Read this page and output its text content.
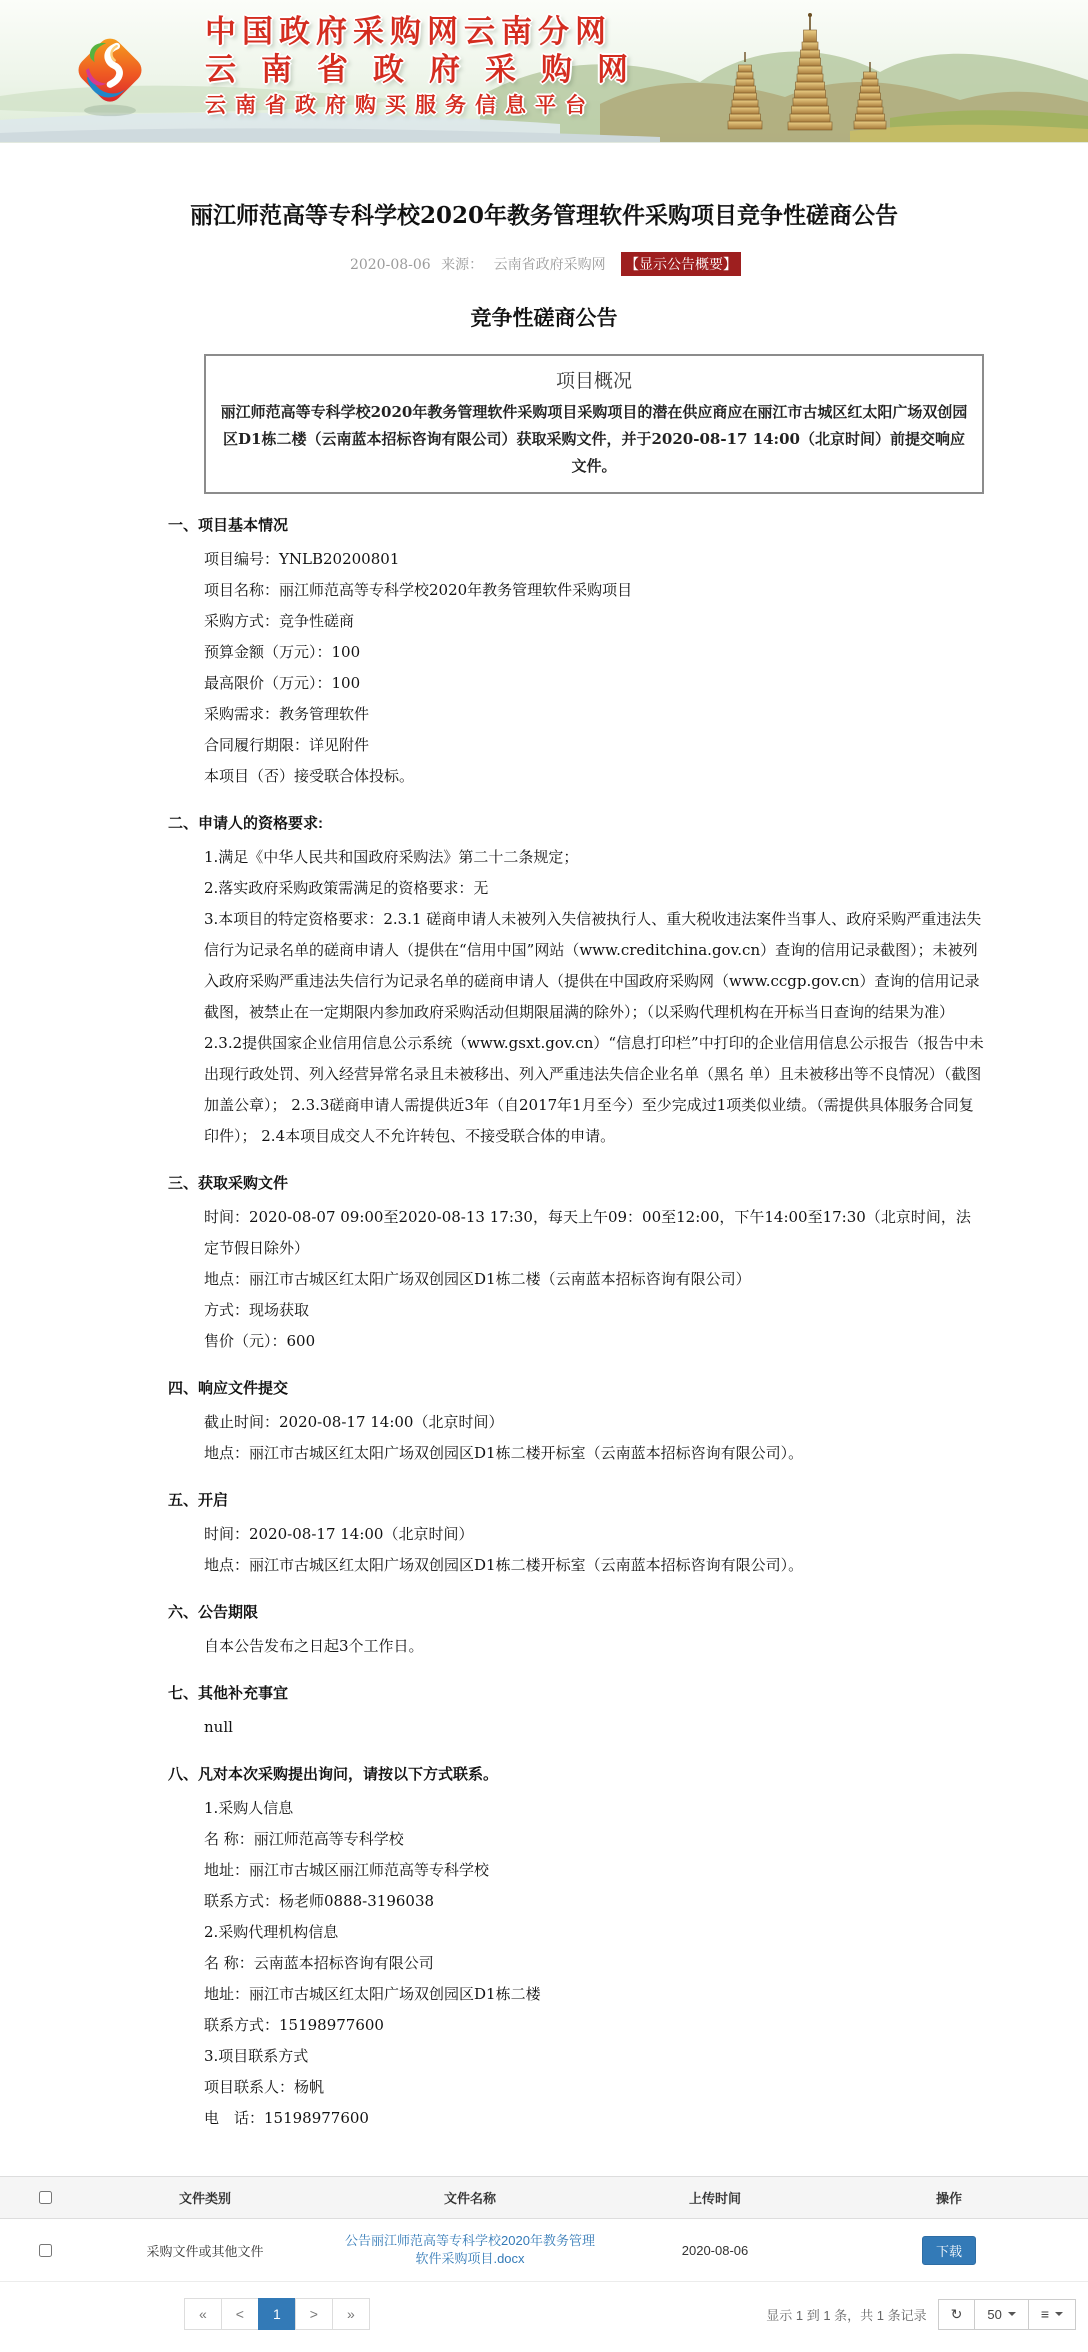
中国政府采购网云南分网
云南省政府采购网
云南省政府购买服务信息平台
丽江师范高等专科学校2020年教务管理软件采购项目竞争性磋商公告
2020-08-06 来源： 云南省政府采购网 【显示公告概要】
竞争性磋商公告
项目概况

丽江师范高等专科学校2020年教务管理软件采购项目采购项目的潜在供应商应在丽江市古城区红太阳广场双创园区D1栋二楼（云南蓝本招标咨询有限公司）获取采购文件，并于2020-08-17 14:00（北京时间）前提交响应文件。

一、项目基本情况
项目编号：YNLB20200801
项目名称：丽江师范高等专科学校2020年教务管理软件采购项目
采购方式：竞争性磋商
预算金额（万元）：100
最高限价（万元）：100
采购需求：教务管理软件
合同履行期限：详见附件
本项目（否）接受联合体投标。
二、申请人的资格要求:
1.满足《中华人民共和国政府采购法》第二十二条规定；
2.落实政府采购政策需满足的资格要求：无
3.本项目的特定资格要求：2.3.1 磋商申请人未被列入失信被执行人、重大税收违法案件当事人、政府采购严重违法失信行为记录名单的磋商申请人（提供在“信用中国”网站（www.creditchina.gov.cn）查询的信用记录截图）；未被列入政府采购严重违法失信行为记录名单的磋商申请人（提供在中国政府采购网（www.ccgp.gov.cn）查询的信用记录截图，被禁止在一定期限内参加政府采购活动但期限届满的除外）；（以采购代理机构在开标当日查询的结果为准） 2.3.2提供国家企业信用信息公示系统（www.gsxt.gov.cn）“信息打印栏”中打印的企业信用信息公示报告（报告中未出现行政处罚、列入经营异常名录且未被移出、列入严重违法失信企业名单（黑名 单）且未被移出等不良情况）（截图加盖公章）； 2.3.3磋商申请人需提供近3年（自2017年1月至今）至少完成过1项类似业绩。（需提供具体服务合同复印件）； 2.4本项目成交人不允许转包、不接受联合体的申请。
三、获取采购文件
时间：2020-08-07 09:00至2020-08-13 17:30，每天上午09：00至12:00，下午14:00至17:30（北京时间，法定节假日除外）
地点：丽江市古城区红太阳广场双创园区D1栋二楼（云南蓝本招标咨询有限公司）
方式：现场获取
售价（元）：600
四、响应文件提交
截止时间：2020-08-17 14:00（北京时间）
地点：丽江市古城区红太阳广场双创园区D1栋二楼开标室（云南蓝本招标咨询有限公司）。
五、开启
时间：2020-08-17 14:00（北京时间）
地点：丽江市古城区红太阳广场双创园区D1栋二楼开标室（云南蓝本招标咨询有限公司）。
六、公告期限
自本公告发布之日起3个工作日。
七、其他补充事宜
null
八、凡对本次采购提出询问，请按以下方式联系。
1.采购人信息
名 称：丽江师范高等专科学校
地址：丽江市古城区丽江师范高等专科学校
联系方式：杨老师0888-3196038
2.采购代理机构信息
名 称：云南蓝本招标咨询有限公司
地址：丽江市古城区红太阳广场双创园区D1栋二楼
联系方式：15198977600
3.项目联系方式
项目联系人：杨帆
电　话：15198977600
	文件类别	文件名称	上传时间	操作
	采购文件或其他文件	公告丽江师范高等专科学校2020年教务管理软件采购项目.docx	2020-08-06	下载
«	<	1	>	»	显示 1 到 1 条，共 1 条记录 ↻ 50	≡
